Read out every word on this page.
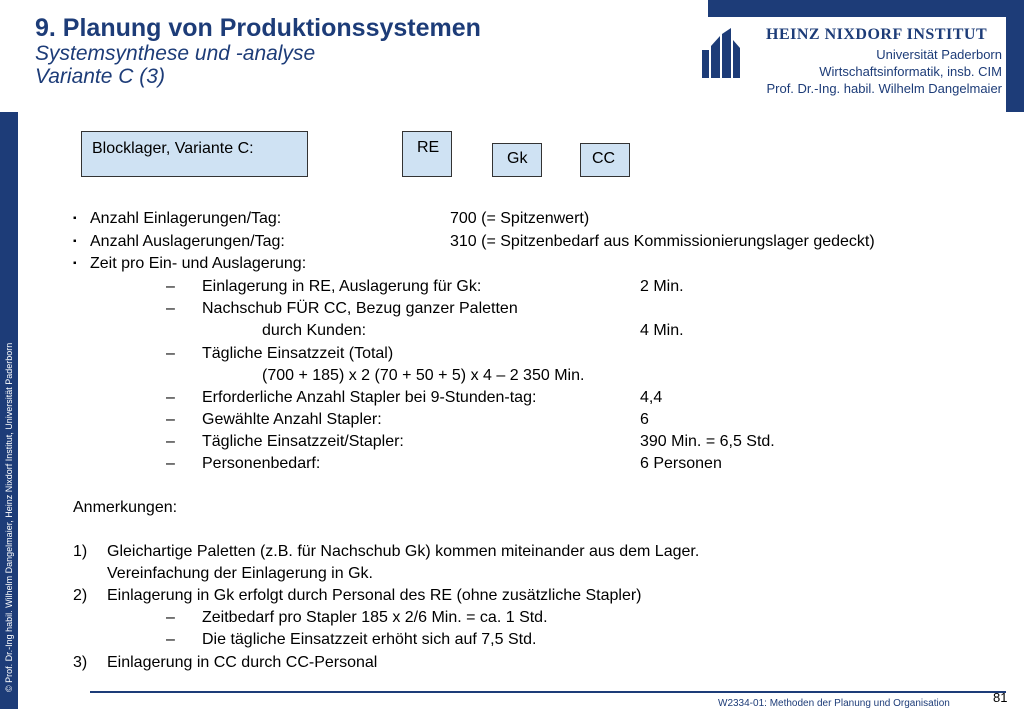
© Prof. Dr.-Ing habil. Wilhelm Dangelmaier, Heinz Nixdorf Institut, Universität Paderborn
9. Planung von Produktionssystemen
Systemsynthese und -analyse
Variante C (3)
HEINZ NIXDORF INSTITUT
Universität Paderborn
Wirtschaftsinformatik, insb. CIM
Prof. Dr.-Ing. habil. Wilhelm Dangelmaier
Blocklager, Variante C:	RE
Gk	CC
▪ Anzahl Einlagerungen/Tag:	700 (= Spitzenwert)
▪ Anzahl Auslagerungen/Tag:	310 (= Spitzenbedarf aus Kommissionierungslager gedeckt)
▪ Zeit pro Ein- und Auslagerung:
– Einlagerung in RE, Auslagerung für Gk:	2 Min.
– Nachschub FÜR CC, Bezug ganzer Paletten
durch Kunden:	4 Min.
– Tägliche Einsatzzeit (Total)
(700 + 185) x 2 (70 + 50 + 5) x 4 – 2 350 Min.
– Erforderliche Anzahl Stapler bei 9-Stunden-tag:	4,4
– Gewählte Anzahl Stapler:	6
– Tägliche Einsatzzeit/Stapler:	390 Min. = 6,5 Std.
– Personenbedarf:	6 Personen
Anmerkungen:
1) Gleichartige Paletten (z.B. für Nachschub Gk) kommen miteinander aus dem Lager.
Vereinfachung der Einlagerung in Gk.
2) Einlagerung in Gk erfolgt durch Personal des RE (ohne zusätzliche Stapler)
– Zeitbedarf pro Stapler 185 x 2/6 Min. = ca. 1 Std.
– Die tägliche Einsatzzeit erhöht sich auf 7,5 Std.
3) Einlagerung in CC durch CC-Personal
W2334-01: Methoden der Planung und Organisation	81
